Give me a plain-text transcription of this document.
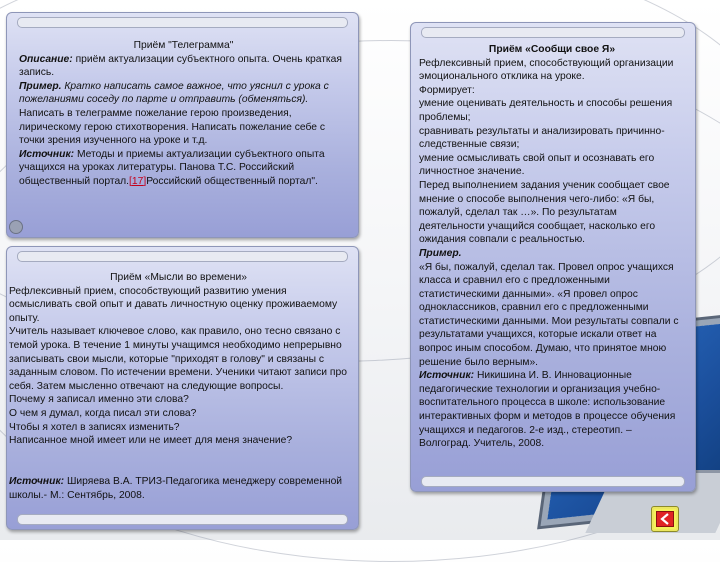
Приём "Телеграмма"

Описание: приём актуализации субъектного опыта. Очень краткая запись.

Пример. Кратко написать самое важное, что уяснил с урока с пожеланиями соседу по парте и отправить (обменяться). Написать в телеграмме пожелание герою произведения, лирическому герою стихотворения. Написать пожелание себе с точки зрения изученного на уроке и т.д.

Источник: Методы и приемы актуализации субъектного опыта учащихся на уроках литературы. Панова Т.С. Российский общественный портал.[17]Российский общественный портал".

Приём «Мысли во времени»

Рефлексивный прием, способствующий развитию умения осмысливать свой опыт и давать личностную оценку проживаемому опыту.

Учитель называет ключевое слово, как правило, оно тесно связано с темой урока. В течение 1 минуты учащимся необходимо непрерывно записывать свои мысли, которые "приходят в голову" и связаны с заданным словом. По истечении времени. Ученики читают записи про себя. Затем мысленно отвечают на следующие вопросы.

Почему я записал именно эти слова?

О чем я думал, когда писал эти слова?

Чтобы я хотел в записях изменить?

Написанное мной имеет или не имеет для меня значение?

Источник: Ширяева В.А. ТРИЗ-Педагогика менеджеру современной школы.- М.: Сентябрь, 2008.

Приём «Сообщи свое Я»

Рефлексивный прием, способствующий организации эмоционального отклика на уроке.

Формирует:

умение оценивать деятельность и способы решения проблемы;

сравнивать результаты и анализировать причинно-следственные связи;

умение осмысливать свой опыт и осознавать его личностное значение.

Перед выполнением задания ученик сообщает свое мнение о способе выполнения чего-либо: «Я бы, пожалуй, сделал так …». По результатам деятельности учащийся сообщает, насколько его ожидания совпали с реальностью.

Пример.

«Я бы, пожалуй, сделал так. Провел опрос учащихся класса и сравнил его с предложенными статистическими данными». «Я провел опрос одноклассников, сравнил его с предложенными статистическими данными. Мои результаты совпали с результатами учащихся, которые искали ответ на вопрос иным способом. Думаю, что принятое мною решение было верным».

Источник: Никишина И. В. Инновационные педагогические технологии и организация учебно-воспитательного процесса в школе: использование интерактивных форм и методов в процессе обучения учащихся и педагогов. 2-е изд., стереотип. – Волгоград. Учитель, 2008.
